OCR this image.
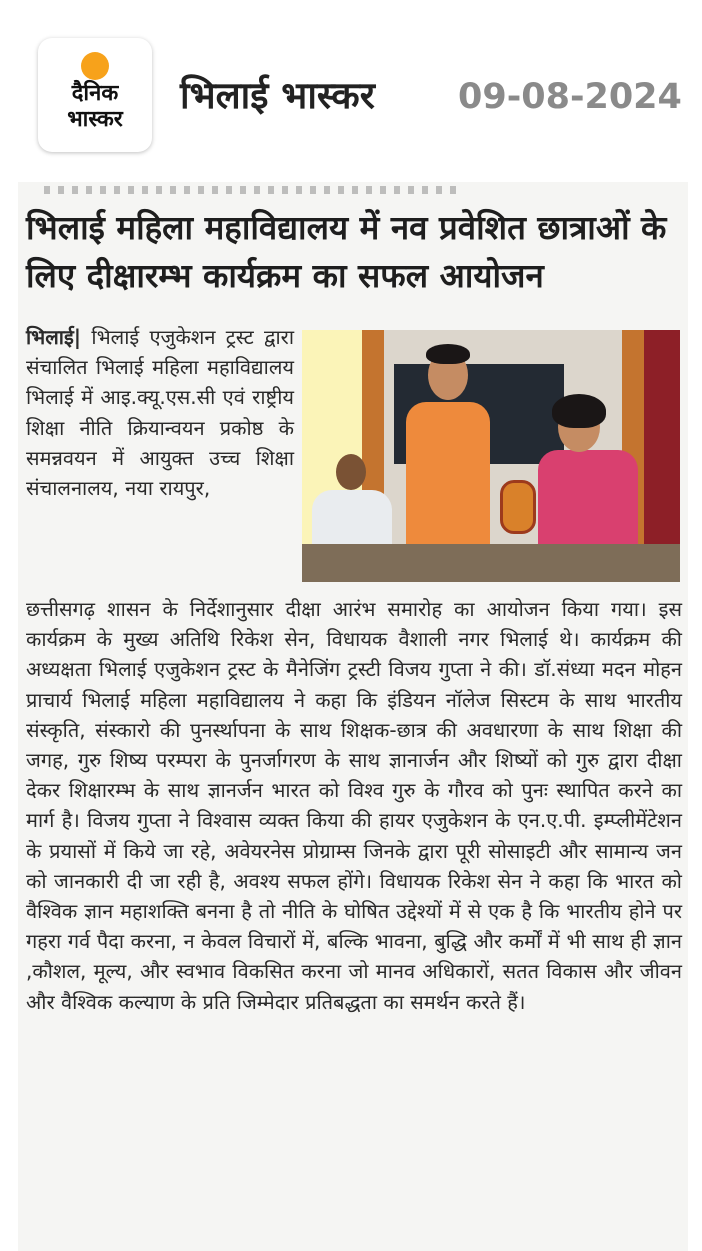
दैनिक
भास्कर
भिलाई भास्कर 09-08-2024
भिलाई महिला महाविद्यालय में नव प्रवेशित छात्राओं के लिए दीक्षारम्भ कार्यक्रम का सफल आयोजन
भिलाई| भिलाई एजुकेशन ट्रस्ट द्वारा संचालित भिलाई महिला महाविद्यालय भिलाई में आइ.क्यू.एस.सी एवं राष्ट्रीय शिक्षा नीति क्रियान्वयन प्रकोष्ठ के समन्नवयन में आयुक्त उच्च शिक्षा संचालनालय, नया रायपुर,
छत्तीसगढ़ शासन के निर्देशानुसार दीक्षा आरंभ समारोह का आयोजन किया गया। इस कार्यक्रम के मुख्य अतिथि रिकेश सेन, विधायक वैशाली नगर भिलाई थे। कार्यक्रम की अध्यक्षता भिलाई एजुकेशन ट्रस्ट के मैनेजिंग ट्रस्टी विजय गुप्ता ने की। डॉ.संध्या मदन मोहन प्राचार्य भिलाई महिला महाविद्यालय ने कहा कि इंडियन नॉलेज सिस्टम के साथ भारतीय संस्कृति, संस्कारो की पुनर्स्थापना के साथ शिक्षक-छात्र की अवधारणा के साथ शिक्षा की जगह, गुरु शिष्य परम्परा के पुनर्जागरण के साथ ज्ञानार्जन और शिष्यों को गुरु द्वारा दीक्षा देकर शिक्षारम्भ के साथ ज्ञानर्जन भारत को विश्व गुरु के गौरव को पुनः स्थापित करने का मार्ग है। विजय गुप्ता ने विश्वास व्यक्त किया की हायर एजुकेशन के एन.ए.पी. इम्प्लीमेंटेशन के प्रयासों में किये जा रहे, अवेयरनेस प्रोग्राम्स जिनके द्वारा पूरी सोसाइटी और सामान्य जन को जानकारी दी जा रही है, अवश्य सफल होंगे। विधायक रिकेश सेन ने कहा कि भारत को वैश्विक ज्ञान महाशक्ति बनना है तो नीति के घोषित उद्देश्यों में से एक है कि भारतीय होने पर गहरा गर्व पैदा करना, न केवल विचारों में, बल्कि भावना, बुद्धि और कर्मों में भी साथ ही ज्ञान ,कौशल, मूल्य, और स्वभाव विकसित करना जो मानव अधिकारों, सतत विकास और जीवन और वैश्विक कल्याण के प्रति जिम्मेदार प्रतिबद्धता का समर्थन करते हैं।
